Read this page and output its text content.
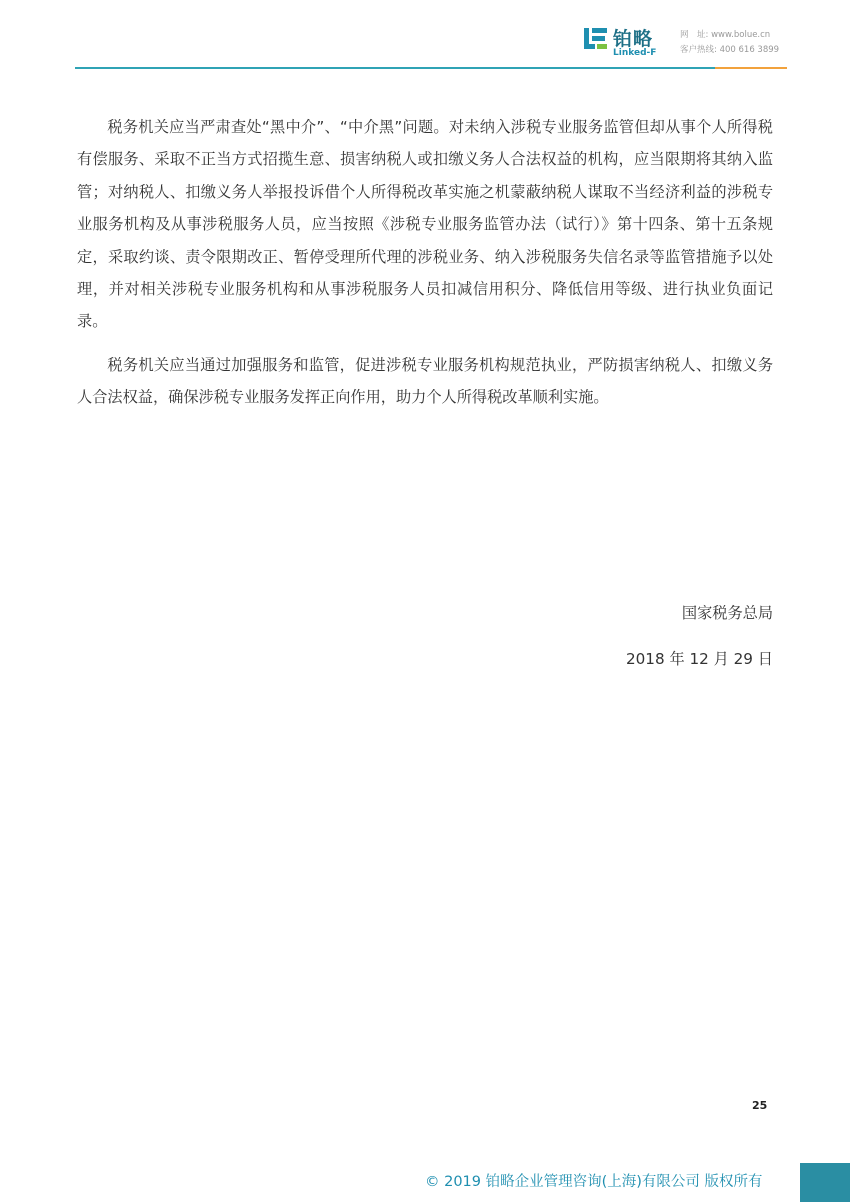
铂略
Linked-F
网　址: www.bolue.cn
客户热线: 400 616 3899

税务机关应当严肃查处“黑中介”、“中介黑”问题。对未纳入涉税专业服务监管但却从事个人所得税有偿服务、采取不正当方式招揽生意、损害纳税人或扣缴义务人合法权益的机构，应当限期将其纳入监管；对纳税人、扣缴义务人举报投诉借个人所得税改革实施之机蒙蔽纳税人谋取不当经济利益的涉税专业服务机构及从事涉税服务人员，应当按照《涉税专业服务监管办法（试行）》第十四条、第十五条规定，采取约谈、责令限期改正、暂停受理所代理的涉税业务、纳入涉税服务失信名录等监管措施予以处理，并对相关涉税专业服务机构和从事涉税服务人员扣减信用积分、降低信用等级、进行执业负面记录。

税务机关应当通过加强服务和监管，促进涉税专业服务机构规范执业，严防损害纳税人、扣缴义务人合法权益，确保涉税专业服务发挥正向作用，助力个人所得税改革顺利实施。

国家税务总局
2018 年 12 月 29 日
25
© 2019 铂略企业管理咨询(上海)有限公司 版权所有
